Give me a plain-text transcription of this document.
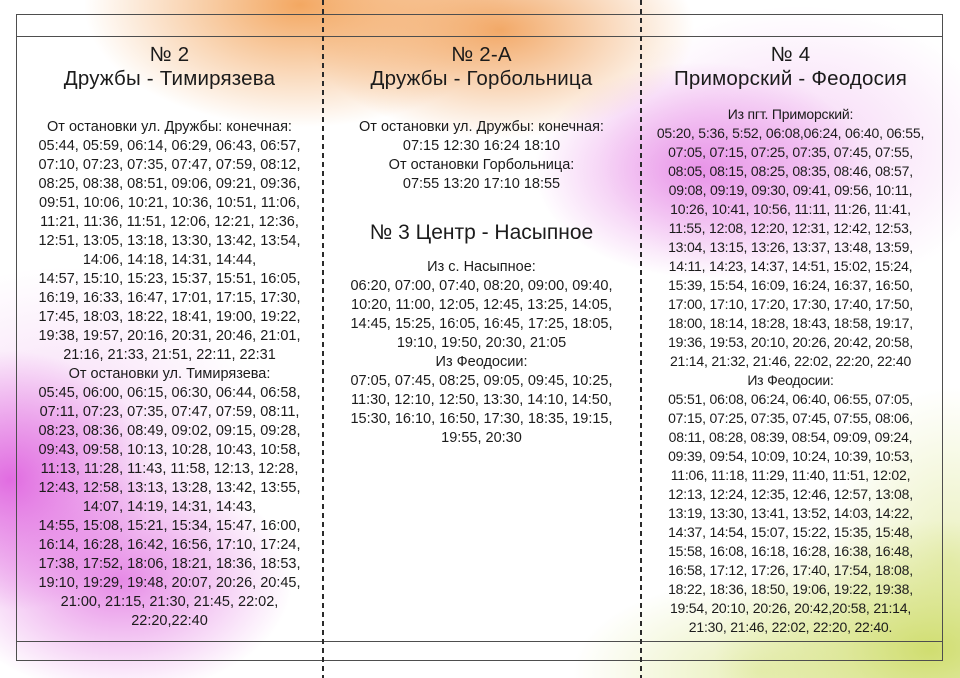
№ 2
Дружбы - Тимирязева
От остановки ул. Дружбы: конечная:
05:44, 05:59, 06:14, 06:29, 06:43, 06:57,
07:10, 07:23, 07:35, 07:47, 07:59, 08:12,
08:25, 08:38, 08:51, 09:06, 09:21, 09:36,
09:51, 10:06, 10:21, 10:36, 10:51, 11:06,
11:21, 11:36, 11:51, 12:06, 12:21, 12:36,
12:51, 13:05, 13:18, 13:30, 13:42, 13:54,
14:06, 14:18, 14:31, 14:44,
14:57, 15:10, 15:23, 15:37, 15:51, 16:05,
16:19, 16:33, 16:47, 17:01, 17:15, 17:30,
17:45, 18:03, 18:22, 18:41, 19:00, 19:22,
19:38, 19:57, 20:16, 20:31, 20:46, 21:01,
21:16, 21:33, 21:51, 22:11, 22:31
От остановки ул. Тимирязева:
05:45, 06:00, 06:15, 06:30, 06:44, 06:58,
07:11, 07:23, 07:35, 07:47, 07:59, 08:11,
08:23, 08:36, 08:49, 09:02, 09:15, 09:28,
09:43, 09:58, 10:13, 10:28, 10:43, 10:58,
11:13, 11:28, 11:43, 11:58, 12:13, 12:28,
12:43, 12:58, 13:13, 13:28, 13:42, 13:55,
14:07, 14:19, 14:31, 14:43,
14:55, 15:08, 15:21, 15:34, 15:47, 16:00,
16:14, 16:28, 16:42, 16:56, 17:10, 17:24,
17:38, 17:52, 18:06, 18:21, 18:36, 18:53,
19:10, 19:29, 19:48, 20:07, 20:26, 20:45,
21:00, 21:15, 21:30, 21:45, 22:02,
22:20,22:40
№ 2-А
Дружбы - Горбольница
От остановки ул. Дружбы: конечная:
07:15 12:30 16:24 18:10
От остановки Горбольница:
07:55 13:20 17:10 18:55
№ 3 Центр - Насыпное
Из с. Насыпное:
06:20, 07:00, 07:40, 08:20, 09:00, 09:40,
10:20, 11:00, 12:05, 12:45, 13:25, 14:05,
14:45, 15:25, 16:05, 16:45, 17:25, 18:05,
19:10, 19:50, 20:30, 21:05
Из Феодосии:
07:05, 07:45, 08:25, 09:05, 09:45, 10:25,
11:30, 12:10, 12:50, 13:30, 14:10, 14:50,
15:30, 16:10, 16:50, 17:30, 18:35, 19:15,
19:55, 20:30
№ 4
Приморский - Феодосия
Из пгт. Приморский:
05:20, 5:36, 5:52, 06:08,06:24, 06:40, 06:55,
07:05, 07:15, 07:25, 07:35, 07:45, 07:55,
08:05, 08:15, 08:25, 08:35, 08:46, 08:57,
09:08, 09:19, 09:30, 09:41, 09:56, 10:11,
10:26, 10:41, 10:56, 11:11, 11:26, 11:41,
11:55, 12:08, 12:20, 12:31, 12:42, 12:53,
13:04, 13:15, 13:26, 13:37, 13:48, 13:59,
14:11, 14:23, 14:37, 14:51, 15:02, 15:24,
15:39, 15:54, 16:09, 16:24, 16:37, 16:50,
17:00, 17:10, 17:20, 17:30, 17:40, 17:50,
18:00, 18:14, 18:28, 18:43, 18:58, 19:17,
19:36, 19:53, 20:10, 20:26, 20:42, 20:58,
21:14, 21:32, 21:46, 22:02, 22:20, 22:40
Из Феодосии:
05:51, 06:08, 06:24, 06:40, 06:55, 07:05,
07:15, 07:25, 07:35, 07:45, 07:55, 08:06,
08:11, 08:28, 08:39, 08:54, 09:09, 09:24,
09:39, 09:54, 10:09, 10:24, 10:39, 10:53,
11:06, 11:18, 11:29, 11:40, 11:51, 12:02,
12:13, 12:24, 12:35, 12:46, 12:57, 13:08,
13:19, 13:30, 13:41, 13:52, 14:03, 14:22,
14:37, 14:54, 15:07, 15:22, 15:35, 15:48,
15:58, 16:08, 16:18, 16:28, 16:38, 16:48,
16:58, 17:12, 17:26, 17:40, 17:54, 18:08,
18:22, 18:36, 18:50, 19:06, 19:22, 19:38,
19:54, 20:10, 20:26, 20:42,20:58, 21:14,
21:30, 21:46, 22:02, 22:20, 22:40.
